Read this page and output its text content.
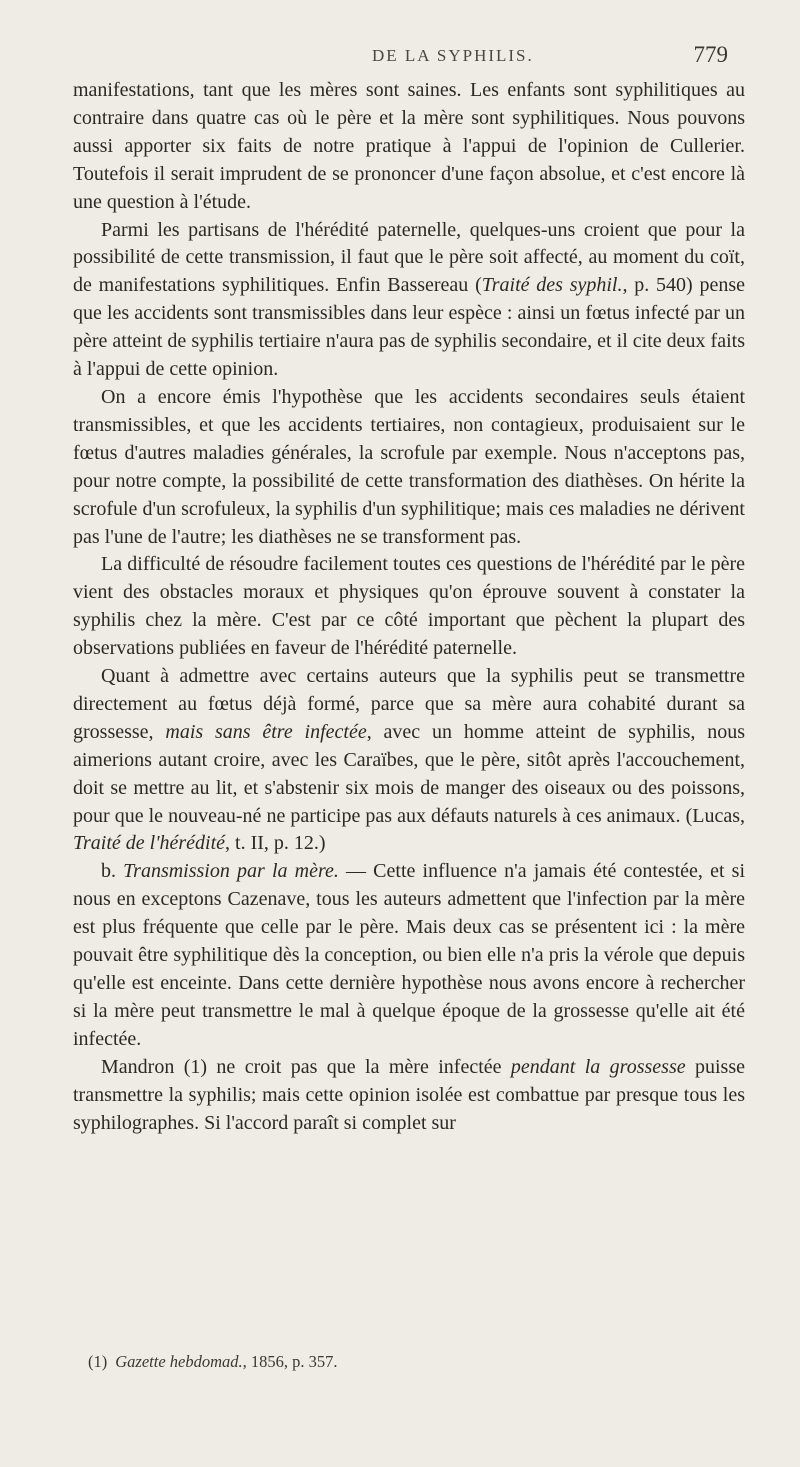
DE LA SYPHILIS.	779

manifestations, tant que les mères sont saines. Les enfants sont syphilitiques au contraire dans quatre cas où le père et la mère sont syphilitiques. Nous pouvons aussi apporter six faits de notre pratique à l'appui de l'opinion de Cullerier. Toutefois il serait imprudent de se prononcer d'une façon absolue, et c'est encore là une question à l'étude.

Parmi les partisans de l'hérédité paternelle, quelques-uns croient que pour la possibilité de cette transmission, il faut que le père soit affecté, au moment du coït, de manifestations syphilitiques. Enfin Bassereau (Traité des syphil., p. 540) pense que les accidents sont transmissibles dans leur espèce : ainsi un fœtus infecté par un père atteint de syphilis tertiaire n'aura pas de syphilis secondaire, et il cite deux faits à l'appui de cette opinion.

On a encore émis l'hypothèse que les accidents secondaires seuls étaient transmissibles, et que les accidents tertiaires, non contagieux, produisaient sur le fœtus d'autres maladies générales, la scrofule par exemple. Nous n'acceptons pas, pour notre compte, la possibilité de cette transformation des diathèses. On hérite la scrofule d'un scrofuleux, la syphilis d'un syphilitique; mais ces maladies ne dérivent pas l'une de l'autre; les diathèses ne se transforment pas.

La difficulté de résoudre facilement toutes ces questions de l'hérédité par le père vient des obstacles moraux et physiques qu'on éprouve souvent à constater la syphilis chez la mère. C'est par ce côté important que pèchent la plupart des observations publiées en faveur de l'hérédité paternelle.

Quant à admettre avec certains auteurs que la syphilis peut se transmettre directement au fœtus déjà formé, parce que sa mère aura cohabité durant sa grossesse, mais sans être infectée, avec un homme atteint de syphilis, nous aimerions autant croire, avec les Caraïbes, que le père, sitôt après l'accouchement, doit se mettre au lit, et s'abstenir six mois de manger des oiseaux ou des poissons, pour que le nouveau-né ne participe pas aux défauts naturels à ces animaux. (Lucas, Traité de l'hérédité, t. II, p. 12.)

b. Transmission par la mère. — Cette influence n'a jamais été contestée, et si nous en exceptons Cazenave, tous les auteurs admettent que l'infection par la mère est plus fréquente que celle par le père. Mais deux cas se présentent ici : la mère pouvait être syphilitique dès la conception, ou bien elle n'a pris la vérole que depuis qu'elle est enceinte. Dans cette dernière hypothèse nous avons encore à rechercher si la mère peut transmettre le mal à quelque époque de la grossesse qu'elle ait été infectée.

Mandron (1) ne croit pas que la mère infectée pendant la grossesse puisse transmettre la syphilis; mais cette opinion isolée est combattue par presque tous les syphilographes. Si l'accord paraît si complet sur

(1) Gazette hebdomad., 1856, p. 357.
